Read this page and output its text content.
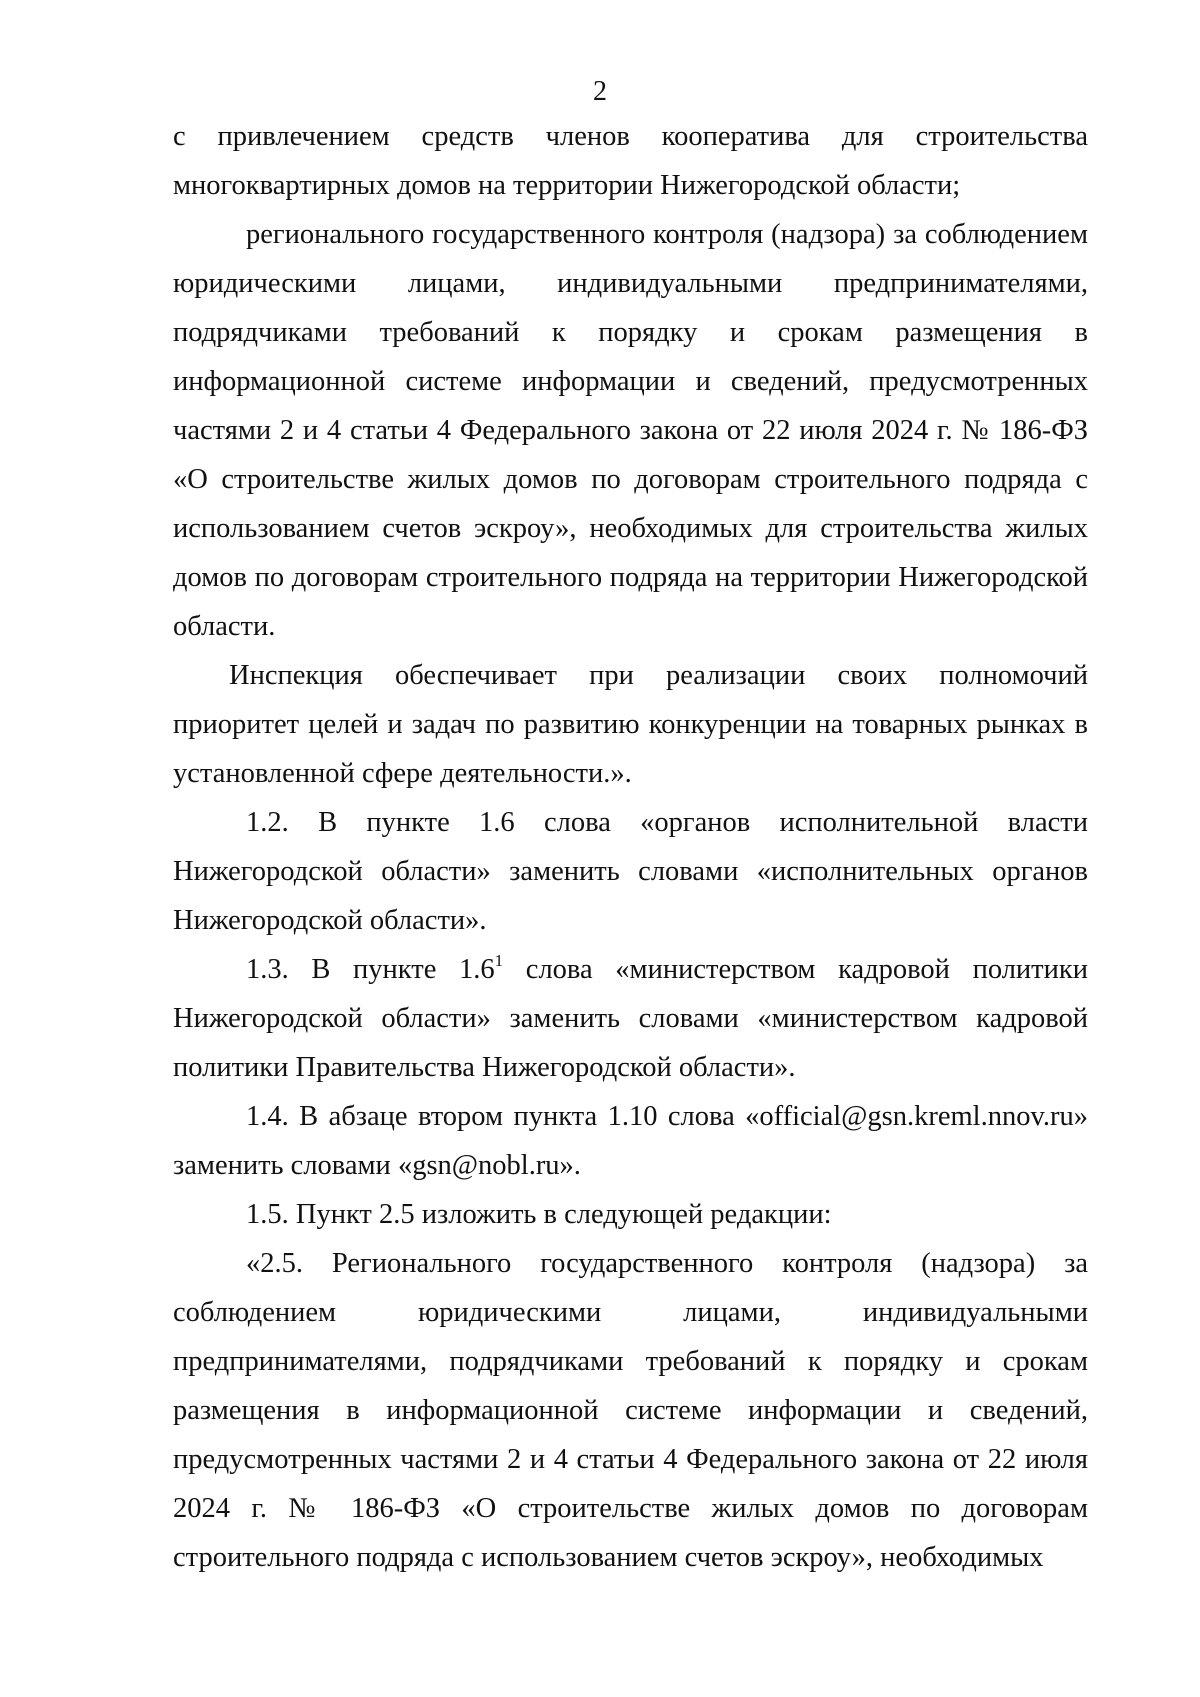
2

с привлечением средств членов кооператива для строительства многоквартирных домов на территории Нижегородской области;

регионального государственного контроля (надзора) за соблюдением юридическими лицами, индивидуальными предпринимателями, подрядчиками требований к порядку и срокам размещения в информационной системе информации и сведений, предусмотренных частями 2 и 4 статьи 4 Федерального закона от 22 июля 2024 г. № 186-ФЗ «О строительстве жилых домов по договорам строительного подряда с использованием счетов эскроу», необходимых для строительства жилых домов по договорам строительного подряда на территории Нижегородской области.

Инспекция обеспечивает при реализации своих полномочий приоритет целей и задач по развитию конкуренции на товарных рынках в установленной сфере деятельности.».

1.2. В пункте 1.6 слова «органов исполнительной власти Нижегородской области» заменить словами «исполнительных органов Нижегородской области».

1.3. В пункте $1.6^1$ слова «министерством кадровой политики Нижегородской области» заменить словами «министерством кадровой политики Правительства Нижегородской области».

1.4. В абзаце втором пункта 1.10 слова «official@gsn.kreml.nnov.ru» заменить словами «gsn@nobl.ru».

1.5. Пункт 2.5 изложить в следующей редакции:

«2.5. Регионального государственного контроля (надзора) за соблюдением юридическими лицами, индивидуальными предпринимателями, подрядчиками требований к порядку и срокам размещения в информационной системе информации и сведений, предусмотренных частями 2 и 4 статьи 4 Федерального закона от 22 июля 2024 г. № 186-ФЗ «О строительстве жилых домов по договорам строительного подряда с использованием счетов эскроу», необходимых
